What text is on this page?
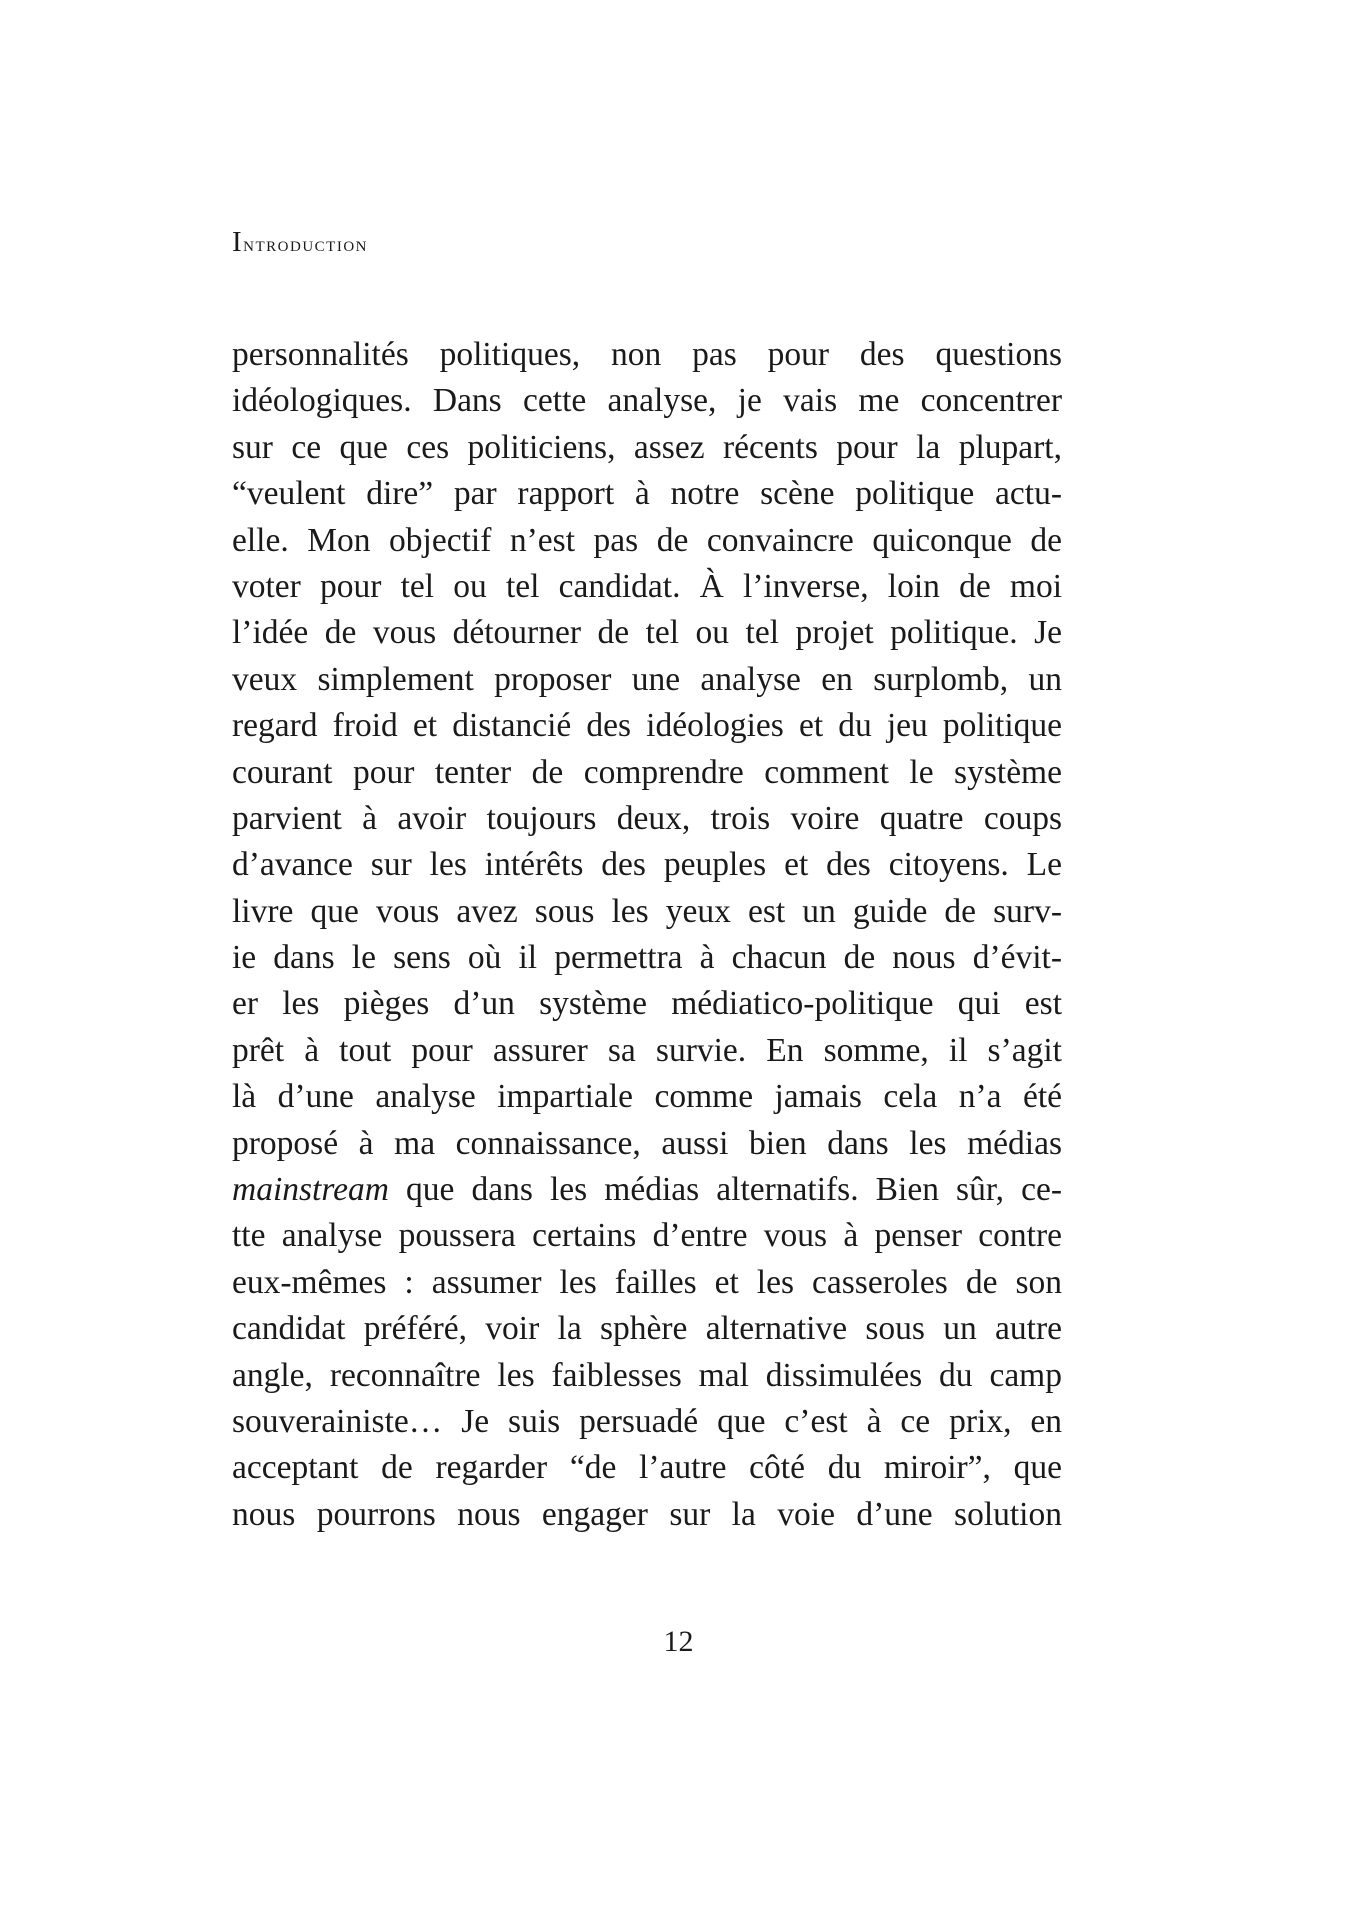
Introduction
personnalités politiques, non pas pour des questions
idéologiques. Dans cette analyse, je vais me concentrer
sur ce que ces politiciens, assez récents pour la plupart,
“veulent dire” par rapport à notre scène politique actu-
elle. Mon objectif n’est pas de convaincre quiconque de
voter pour tel ou tel candidat. À l’inverse, loin de moi
l’idée de vous détourner de tel ou tel projet politique. Je
veux simplement proposer une analyse en surplomb, un
regard froid et distancié des idéologies et du jeu politique
courant pour tenter de comprendre comment le système
parvient à avoir toujours deux, trois voire quatre coups
d’avance sur les intérêts des peuples et des citoyens. Le
livre que vous avez sous les yeux est un guide de surv-
ie dans le sens où il permettra à chacun de nous d’évit-
er les pièges d’un système médiatico-politique qui est
prêt à tout pour assurer sa survie. En somme, il s’agit
là d’une analyse impartiale comme jamais cela n’a été
proposé à ma connaissance, aussi bien dans les médias
mainstream que dans les médias alternatifs. Bien sûr, ce-
tte analyse poussera certains d’entre vous à penser contre
eux-mêmes : assumer les failles et les casseroles de son
candidat préféré, voir la sphère alternative sous un autre
angle, reconnaître les faiblesses mal dissimulées du camp
souverainiste… Je suis persuadé que c’est à ce prix, en
acceptant de regarder “de l’autre côté du miroir”, que
nous pourrons nous engager sur la voie d’une solution
12
